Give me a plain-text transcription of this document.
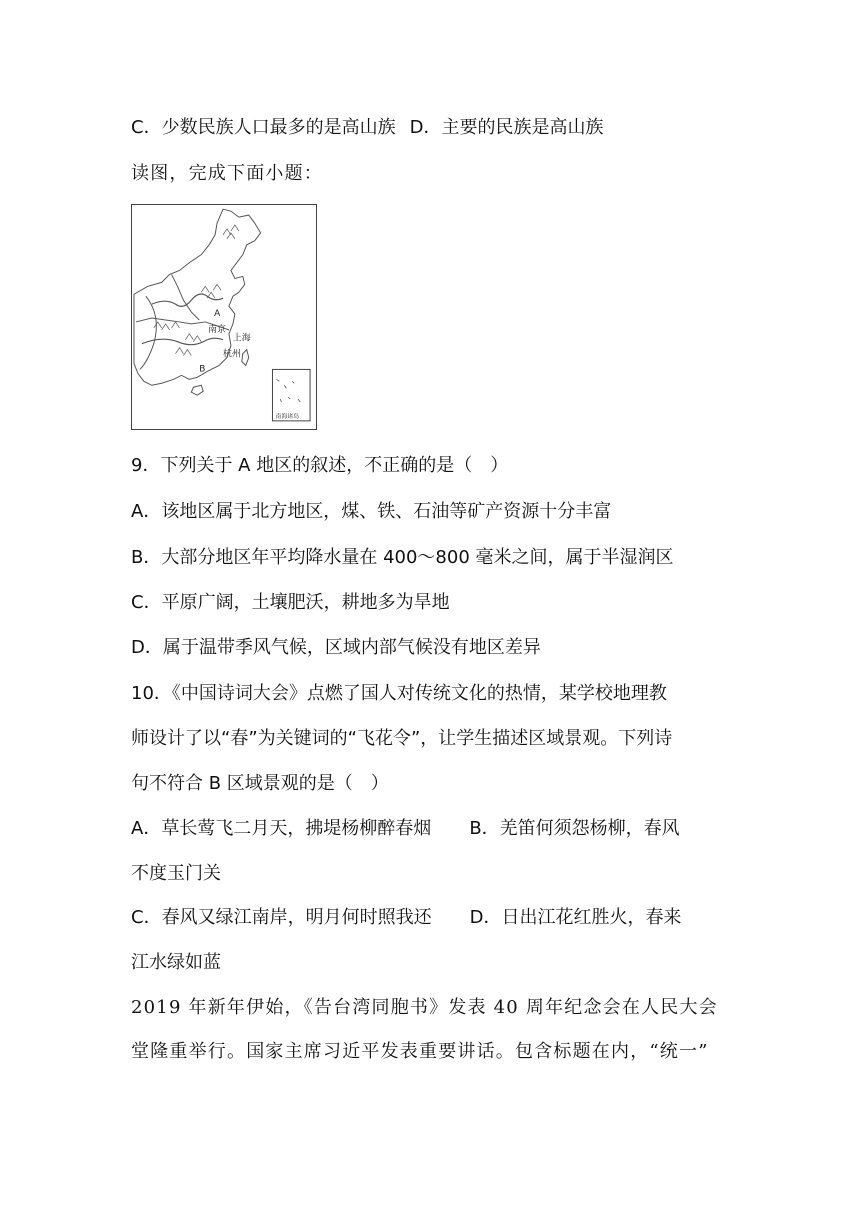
C．少数民族人口最多的是高山族 D．主要的民族是高山族
读图，完成下面小题：
A
B
南京
上海
杭州
南海诸岛
9．下列关于 A 地区的叙述，不正确的是（　）
A．该地区属于北方地区，煤、铁、石油等矿产资源十分丰富
B．大部分地区年平均降水量在 400～800 毫米之间，属于半湿润区
C．平原广阔，土壤肥沃，耕地多为旱地
D．属于温带季风气候，区域内部气候没有地区差异
10．《中国诗词大会》点燃了国人对传统文化的热情，某学校地理教
师设计了以“春”为关键词的“飞花令”，让学生描述区域景观。下列诗
句不符合 B 区域景观的是（　）
A．草长莺飞二月天，拂堤杨柳醉春烟 B．羌笛何须怨杨柳，春风
不度玉门关
C．春风又绿江南岸，明月何时照我还 D．日出江花红胜火，春来
江水绿如蓝
2019 年新年伊始，《告台湾同胞书》发表 40 周年纪念会在人民大会
堂隆重举行。国家主席习近平发表重要讲话。包含标题在内，“统一”
